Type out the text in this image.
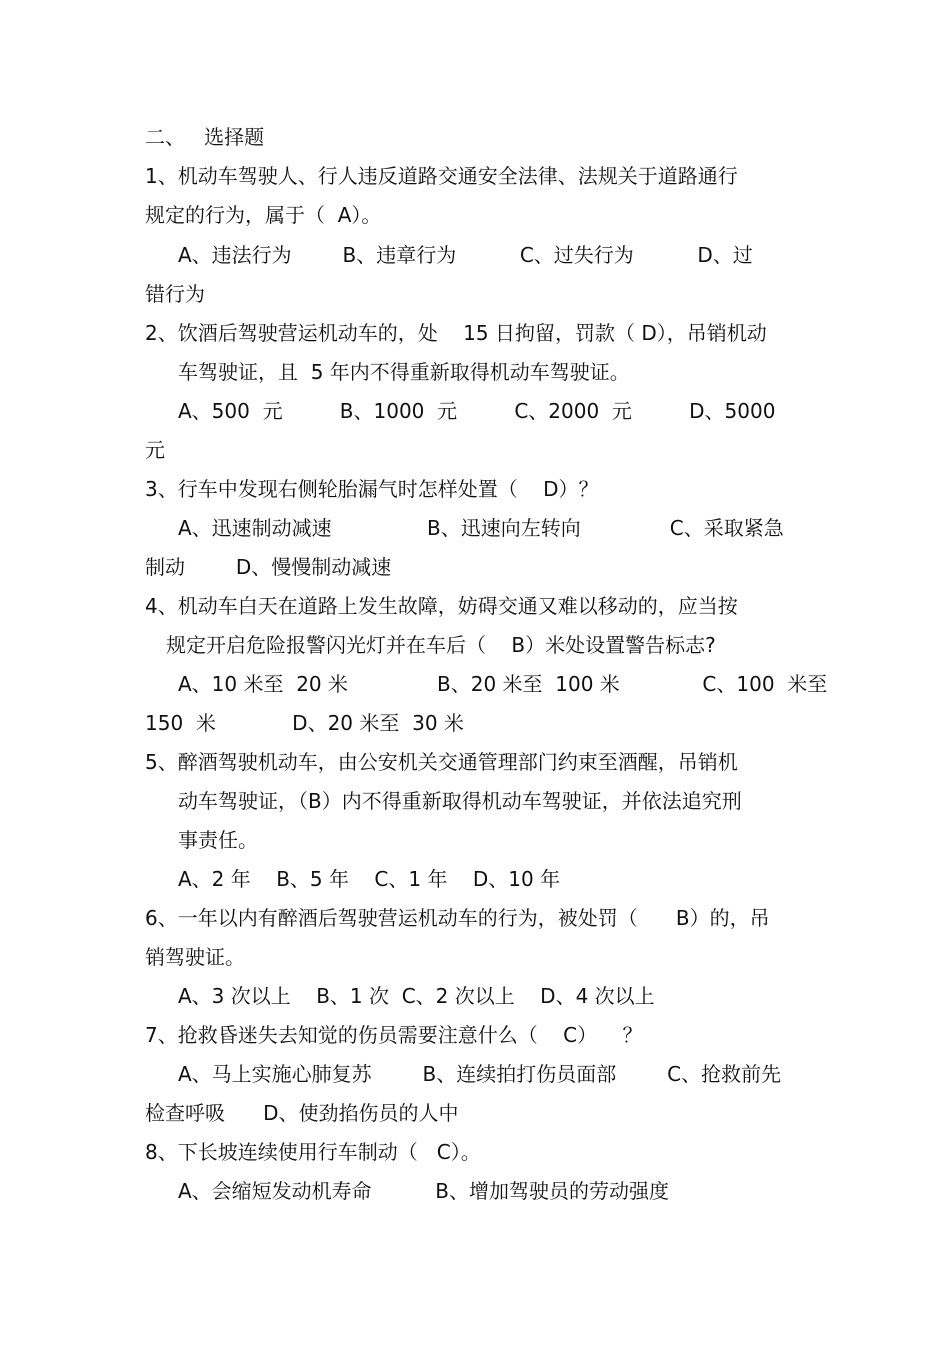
二、   选择题

1、机动车驾驶人、行人违反道路交通安全法律、法规关于道路通行

规定的行为，属于（  A）。

A、违法行为        B、违章行为          C、过失行为          D、过

错行为

2、饮酒后驾驶营运机动车的，处    15 日拘留，罚款（ D），吊销机动

车驾驶证，且  5 年内不得重新取得机动车驾驶证。

A、500  元         B、1000  元         C、2000  元         D、5000

元

3、行车中发现右侧轮胎漏气时怎样处置（    D）？

A、迅速制动减速               B、迅速向左转向              C、采取紧急

制动        D、慢慢制动减速

4、机动车白天在道路上发生故障，妨碍交通又难以移动的，应当按

规定开启危险报警闪光灯并在车后（    B）米处设置警告标志?

A、10 米至  20 米              B、20 米至  100 米             C、100  米至

150  米            D、20 米至  30 米

5、醉酒驾驶机动车，由公安机关交通管理部门约束至酒醒，吊销机

动车驾驶证，（B）内不得重新取得机动车驾驶证，并依法追究刑

事责任。

A、2 年    B、5 年    C、1 年    D、10 年

6、一年以内有醉酒后驾驶营运机动车的行为，被处罚（      B）的，吊

销驾驶证。

A、3 次以上    B、1 次  C、2 次以上    D、4 次以上

7、抢救昏迷失去知觉的伤员需要注意什么（    C）    ？

A、马上实施心肺复苏        B、连续拍打伤员面部        C、抢救前先

检查呼吸      D、使劲掐伤员的人中

8、下长坡连续使用行车制动（   C）。

A、会缩短发动机寿命          B、增加驾驶员的劳动强度
